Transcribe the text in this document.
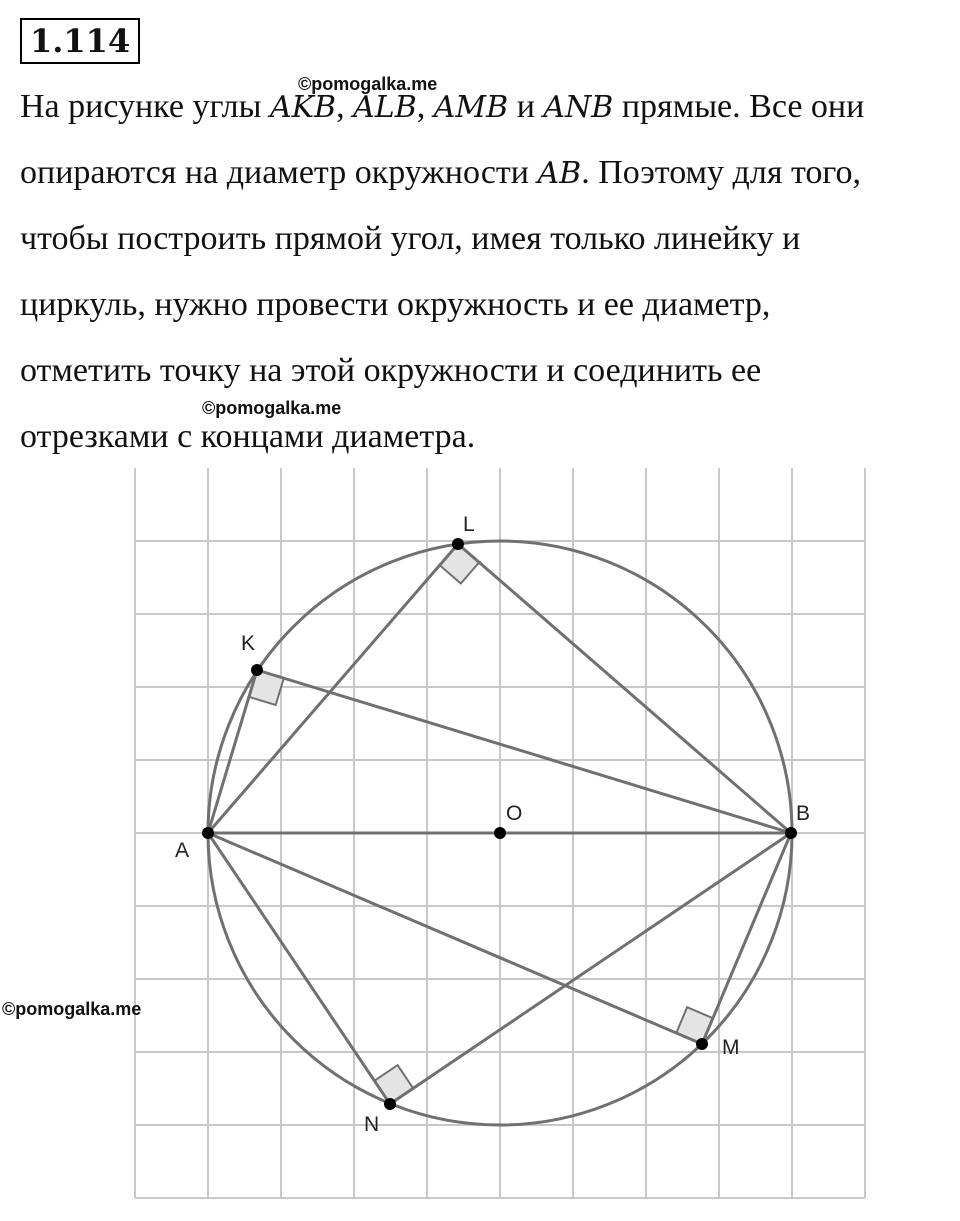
1.114
На рисунке углы AKB, ALB, AMB и ANB прямые. Все они
опираются на диаметр окружности AB. Поэтому для того,
чтобы построить прямой угол, имея только линейку и
циркуль, нужно провести окружность и ее диаметр,
отметить точку на этой окружности и соединить ее
отрезками с концами диаметра.
A
B
O
K
L
M
N
©pomogalka.me
©pomogalka.me
©pomogalka.me
